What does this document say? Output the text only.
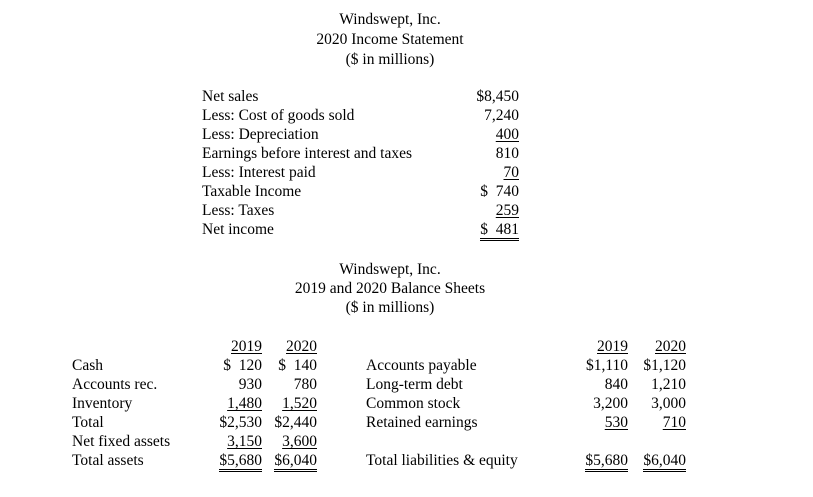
Windswept, Inc.
2020 Income Statement
($ in millions)
Net sales
Less: Cost of goods sold
Less: Depreciation
Earnings before interest and taxes
Less: Interest paid
Taxable Income
Less: Taxes
Net income
$8,450
7,240
400
810
70
$  740
259
$  481
Windswept, Inc.
2019 and 2020 Balance Sheets
($ in millions)
2019	2020
Cash
Accounts rec.
Inventory
Total
Net fixed assets
Total assets
$  120
930
1,480
$2,530
3,150
$5,680
$  140
780
1,520
$2,440
3,600
$6,040
2019	2020
Accounts payable
Long-term debt
Common stock
Retained earnings
Total liabilities & equity
$1,110
840
3,200
530
$5,680
$1,120
1,210
3,000
710
$6,040
